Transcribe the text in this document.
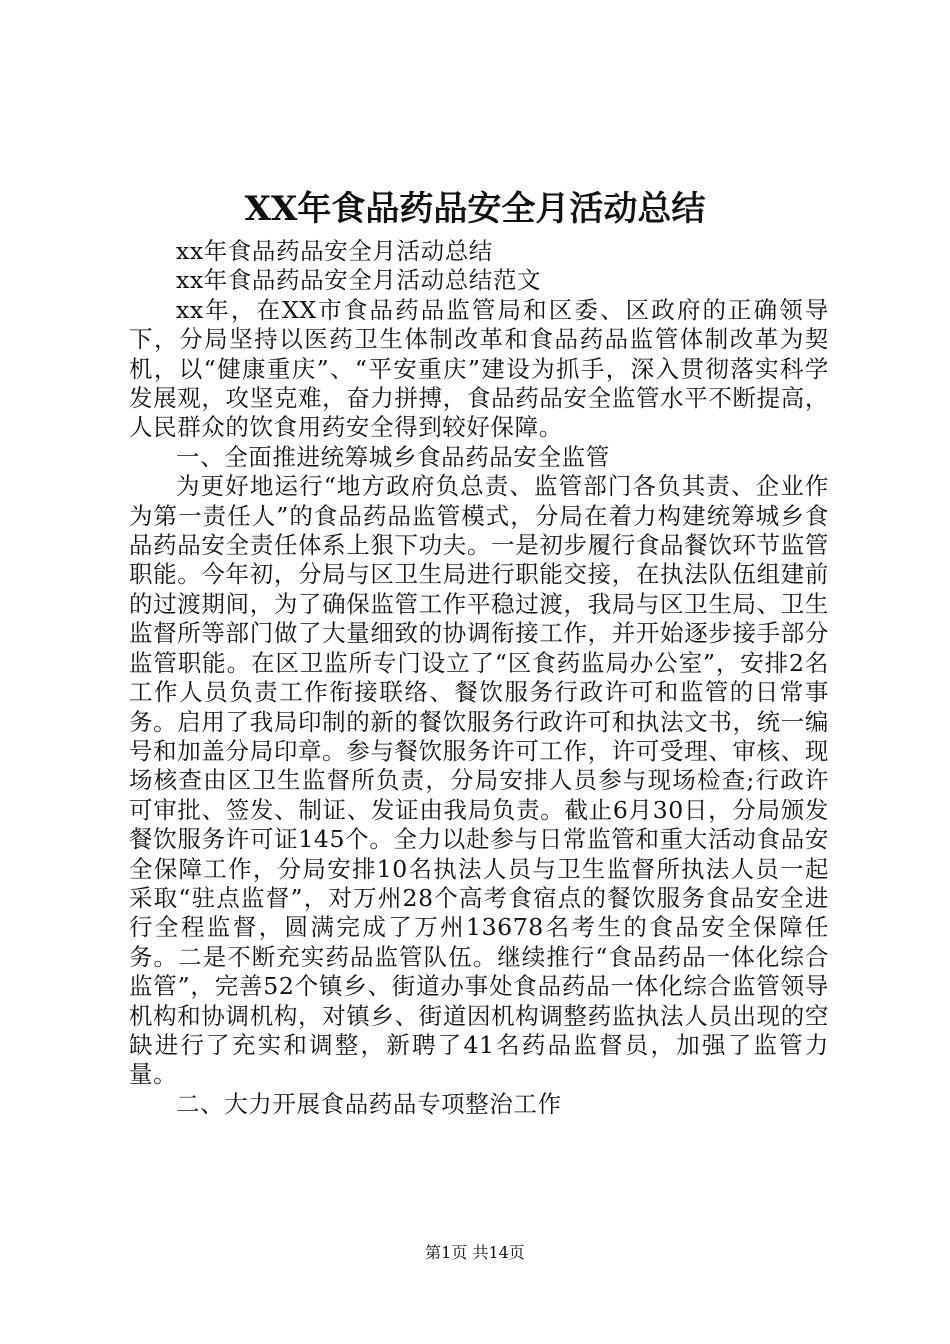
XX年食品药品安全月活动总结

xx年食品药品安全月活动总结

xx年食品药品安全月活动总结范文

xx年，在XX市食品药品监管局和区委、区政府的正确领导下，分局坚持以医药卫生体制改革和食品药品监管体制改革为契机，以“健康重庆”、“平安重庆”建设为抓手，深入贯彻落实科学发展观，攻坚克难，奋力拼搏，食品药品安全监管水平不断提高，人民群众的饮食用药安全得到较好保障。

一、全面推进统筹城乡食品药品安全监管

为更好地运行“地方政府负总责、监管部门各负其责、企业作为第一责任人”的食品药品监管模式，分局在着力构建统筹城乡食品药品安全责任体系上狠下功夫。一是初步履行食品餐饮环节监管职能。今年初，分局与区卫生局进行职能交接，在执法队伍组建前的过渡期间，为了确保监管工作平稳过渡，我局与区卫生局、卫生监督所等部门做了大量细致的协调衔接工作，并开始逐步接手部分监管职能。在区卫监所专门设立了“区食药监局办公室”，安排2名工作人员负责工作衔接联络、餐饮服务行政许可和监管的日常事务。启用了我局印制的新的餐饮服务行政许可和执法文书，统一编号和加盖分局印章。参与餐饮服务许可工作，许可受理、审核、现场核查由区卫生监督所负责，分局安排人员参与现场检查;行政许可审批、签发、制证、发证由我局负责。截止6月30日，分局颁发餐饮服务许可证145个。全力以赴参与日常监管和重大活动食品安全保障工作，分局安排10名执法人员与卫生监督所执法人员一起采取“驻点监督”，对万州28个高考食宿点的餐饮服务食品安全进行全程监督，圆满完成了万州13678名考生的食品安全保障任务。二是不断充实药品监管队伍。继续推行“食品药品一体化综合监管”，完善52个镇乡、街道办事处食品药品一体化综合监管领导机构和协调机构，对镇乡、街道因机构调整药监执法人员出现的空缺进行了充实和调整，新聘了41名药品监督员，加强了监管力量。

二、大力开展食品药品专项整治工作

第1页 共14页
